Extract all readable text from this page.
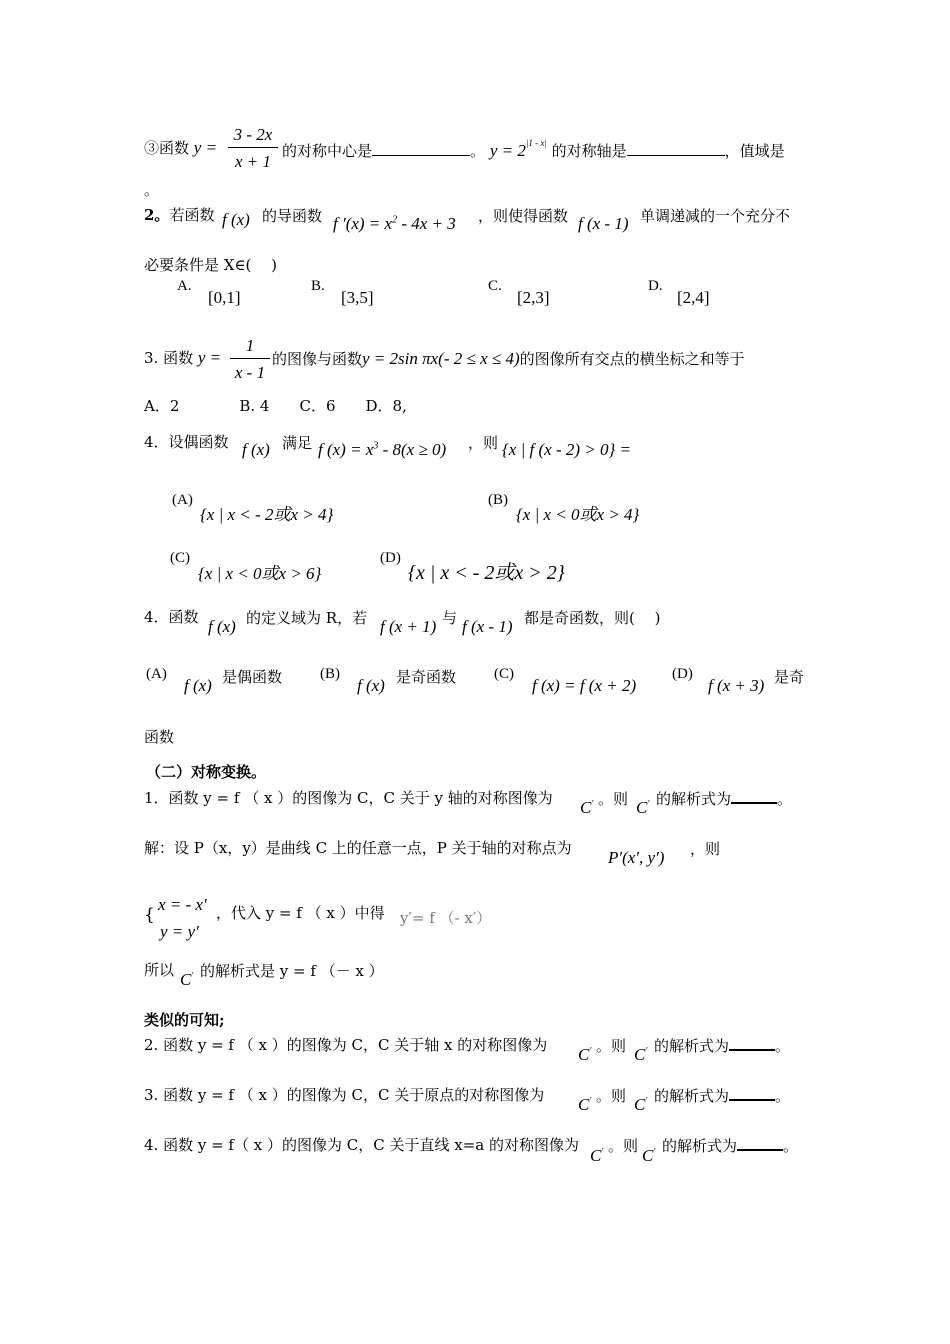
③函数 y =
3 - 2x
x + 1
的对称中心是	。 $y = 2^{|1 - x|}$ 的对称轴是	，值域是
。
2。若函数 f (x) 的导函数 f $'(x) = x^2 - 4x + 3$ ，则使得函数 f (x - 1) 单调递减的一个充分不
必要条件是 X∈(　 )
A.
[0,1]
B.
[3,5]
C.
[2,3]
D.
[2,4]
3. 函数 y =
1
x - 1
的图像与函数y = 2sin πx(- 2 ≤ x ≤ 4)的图像所有交点的横坐标之和等于
A．2　　　　B. 4　　C．6　　D．8,
4．设偶函数 f (x) 满足 f $(x) = x^3 - 8(x \ge 0)$ ，则 {x | f (x - 2) > 0} =
(A)
{x | x < - 2或x > 4}
(B)
{x | x < 0或x > 4}
(C)
{x | x < 0或x > 6}
(D)
{x | x < - 2或x > 2}
4．函数 f (x) 的定义域为 R，若 f (x + 1) 与 f (x - 1) 都是奇函数，则(　 )
(A)
f (x) 是偶函数	(B)
f (x) 是奇函数	(C)
f (x) = f (x + 2)
(D)
f (x + 3) 是奇
函数
（二）对称变换。
1．函数 y = f （ x ）的图像为 C，C 关于 y 轴的对称图像为 C′ 。则 C′ 的解析式为	。
解：设 P（x，y）是曲线 C 上的任意一点，P 关于轴的对称点为 P′(x′, y′) ，则
{
x = - x′
y = y′
，代入 y = f （ x ）中得 y′= f （- x′）
所以 C′ 的解析式是 y = f （－ x ）
类似的可知;
2. 函数 y = f （ x ）的图像为 C，C 关于轴 x 的对称图像为 C′ 。则 C′ 的解析式为	。
3. 函数 y = f （ x ）的图像为 C，C 关于原点的对称图像为 C′ 。则 C′ 的解析式为	。
4. 函数 y = f（ x ）的图像为 C，C 关于直线 x=a 的对称图像为
C′ 。则 C′ 的解析式为	。
